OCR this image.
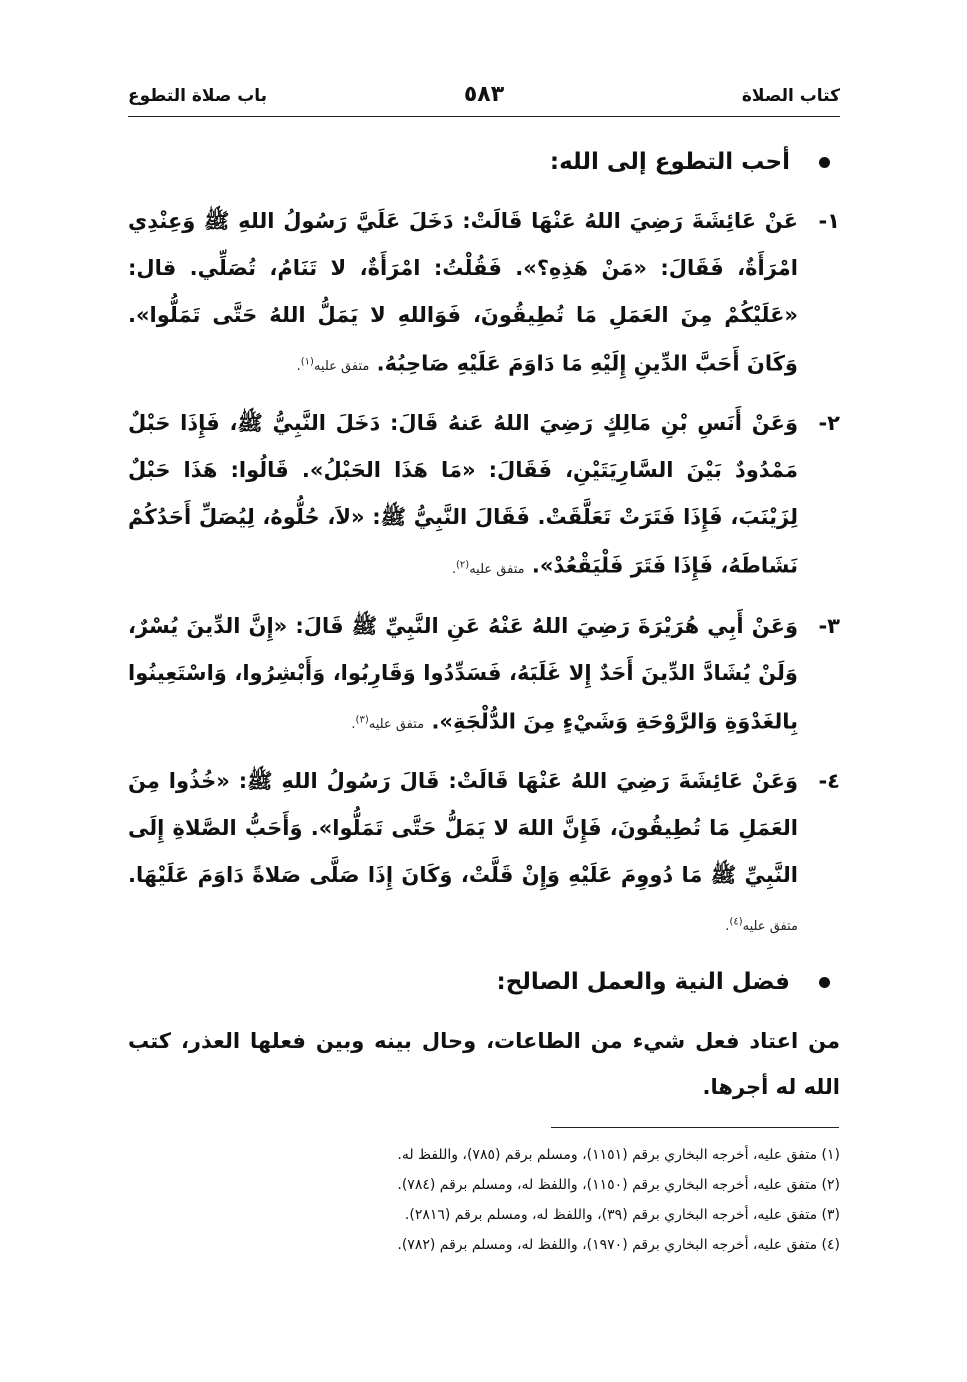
كتاب الصلاة
٥٨٣
باب صلاة التطوع
أحب التطوع إلى الله:
١-
عَنْ عَائِشَةَ رَضِيَ اللهُ عَنْهَا قَالَتْ: دَخَلَ عَلَيَّ رَسُولُ اللهِ ﷺ وَعِنْدِي امْرَأَةٌ، فَقَالَ: «مَنْ هَذِهِ؟». فَقُلْتُ: امْرَأَةٌ، لا تَنَامُ، تُصَلِّي. قال: «عَلَيْكُمْ مِنَ العَمَلِ مَا تُطِيقُونَ، فَوَاللهِ لا يَمَلُّ اللهُ حَتَّى تَمَلُّوا». وَكَانَ أَحَبَّ الدِّينِ إِلَيْهِ مَا دَاوَمَ عَلَيْهِ صَاحِبُهُ. متفق عليه$^{(١)}$.
٢-
وَعَنْ أَنَسِ بْنِ مَالِكٍ رَضِيَ اللهُ عَنهُ قَالَ: دَخَلَ النَّبِيُّ ﷺ، فَإِذَا حَبْلٌ مَمْدُودٌ بَيْنَ السَّارِيَتَيْنِ، فَقَالَ: «مَا هَذَا الحَبْلُ». قَالُوا: هَذَا حَبْلٌ لِزَيْنَبَ، فَإِذَا فَتَرَتْ تَعَلَّقَتْ. فَقَالَ النَّبِيُّ ﷺ: «لاَ، حُلُّوهُ، لِيُصَلِّ أَحَدُكُمْ نَشَاطَهُ، فَإِذَا فَتَرَ فَلْيَقْعُدْ». متفق عليه$^{(٢)}$.
٣-
وَعَنْ أَبِي هُرَيْرَةَ رَضِيَ اللهُ عَنْهُ عَنِ النَّبِيِّ ﷺ قَالَ: «إِنَّ الدِّينَ يُسْرٌ، وَلَنْ يُشَادَّ الدِّينَ أَحَدٌ إِلا غَلَبَهُ، فَسَدِّدُوا وَقَارِبُوا، وَأَبْشِرُوا، وَاسْتَعِينُوا بِالغَدْوَةِ وَالرَّوْحَةِ وَشَيْءٍ مِنَ الدُّلْجَةِ». متفق عليه$^{(٣)}$.
٤-
وَعَنْ عَائِشَةَ رَضِيَ اللهُ عَنْهَا قَالَتْ: قَالَ رَسُولُ اللهِ ﷺ: «خُذُوا مِنَ العَمَلِ مَا تُطِيقُونَ، فَإِنَّ اللهَ لا يَمَلُّ حَتَّى تَمَلُّوا». وَأَحَبُّ الصَّلاةِ إِلَى النَّبِيِّ ﷺ مَا دُووِمَ عَلَيْهِ وَإِنْ قَلَّتْ، وَكَانَ إِذَا صَلَّى صَلاةً دَاوَمَ عَلَيْهَا. متفق عليه$^{(٤)}$.
فضل النية والعمل الصالح:
من اعتاد فعل شيء من الطاعات، وحال بينه وبين فعلها العذر، كتب الله له أجرها.
(١) متفق عليه، أخرجه البخاري برقم (١١٥١)، ومسلم برقم (٧٨٥)، واللفظ له.
(٢) متفق عليه، أخرجه البخاري برقم (١١٥٠)، واللفظ له، ومسلم برقم (٧٨٤).
(٣) متفق عليه، أخرجه البخاري برقم (٣٩)، واللفظ له، ومسلم برقم (٢٨١٦).
(٤) متفق عليه، أخرجه البخاري برقم (١٩٧٠)، واللفظ له، ومسلم برقم (٧٨٢).
